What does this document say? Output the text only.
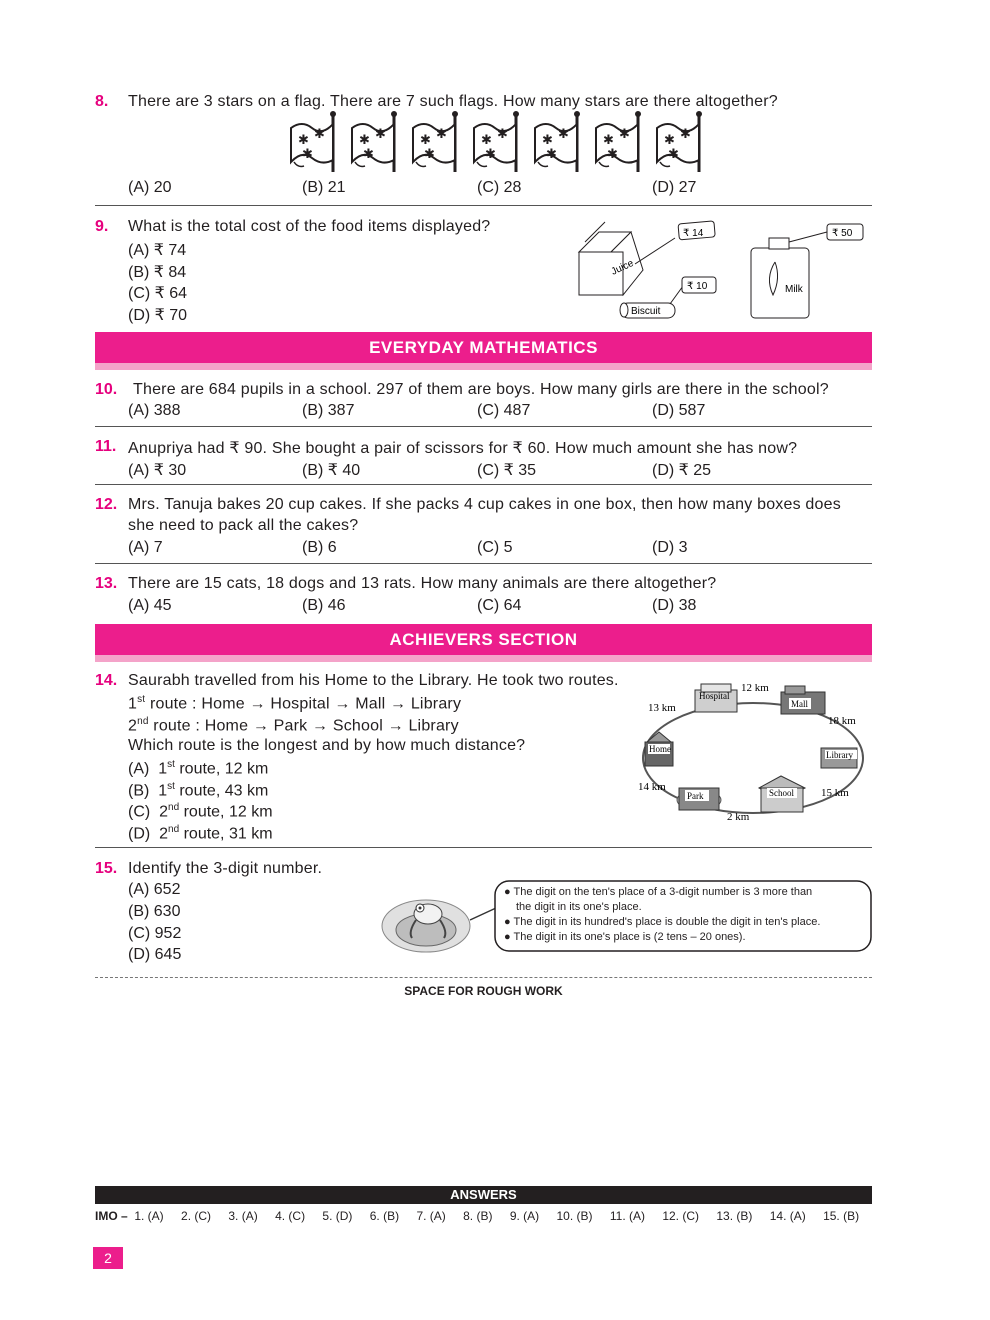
8. There are 3 stars on a flag. There are 7 such flags. How many stars are there altogether?
✱ ✱
✱
(A) 20	(B) 21	(C) 28	(D) 27
9. What is the total cost of the food items displayed?
(A) ₹ 74
(B) ₹ 84
(C) ₹ 64
(D) ₹ 70
Juice
₹ 14
Biscuit
₹ 10	Milk
₹ 50
EVERYDAY MATHEMATICS
10. There are 684 pupils in a school. 297 of them are boys. How many girls are there in the school?
(A) 388	(B) 387	(C) 487	(D) 587
11. Anupriya had ₹ 90. She bought a pair of scissors for ₹ 60. How much amount she has now?
(A) ₹ 30	(B) ₹ 40	(C) ₹ 35	(D) ₹ 25
12. Mrs. Tanuja bakes 20 cup cakes. If she packs 4 cup cakes in one box, then how many boxes does
she need to pack all the cakes?
(A) 7	(B) 6	(C) 5	(D) 3
13. There are 15 cats, 18 dogs and 13 rats. How many animals are there altogether?
(A) 45	(B) 46	(C) 64	(D) 38
ACHIEVERS SECTION
14. Saurabh travelled from his Home to the Library. He took two routes.
1st route : Home → Hospital → Mall → Library
2nd route : Home → Park → School → Library
Which route is the longest and by how much distance?
(A) 1st route, 12 km
(B) 1st route, 43 km
(C) 2nd route, 12 km
(D) 2nd route, 31 km
Hospital
Mall
Home
Library
Park	School
13 km
12 km
18 km
15 km
2 km
14 km
15. Identify the 3-digit number.
(A) 652
(B) 630
(C) 952
(D) 645
● The digit on the ten's place of a 3-digit number is 3 more than
the digit in its one's place.
● The digit in its hundred's place is double the digit in ten's place.
● The digit in its one's place is (2 tens – 20 ones).
SPACE FOR ROUGH WORK
ANSWERS
IMO – 1. (A) 2. (C) 3. (A) 4. (C) 5. (D) 6. (B) 7. (A) 8. (B) 9. (A) 10. (B) 11. (A) 12. (C) 13. (B) 14. (A) 15. (B)
2
